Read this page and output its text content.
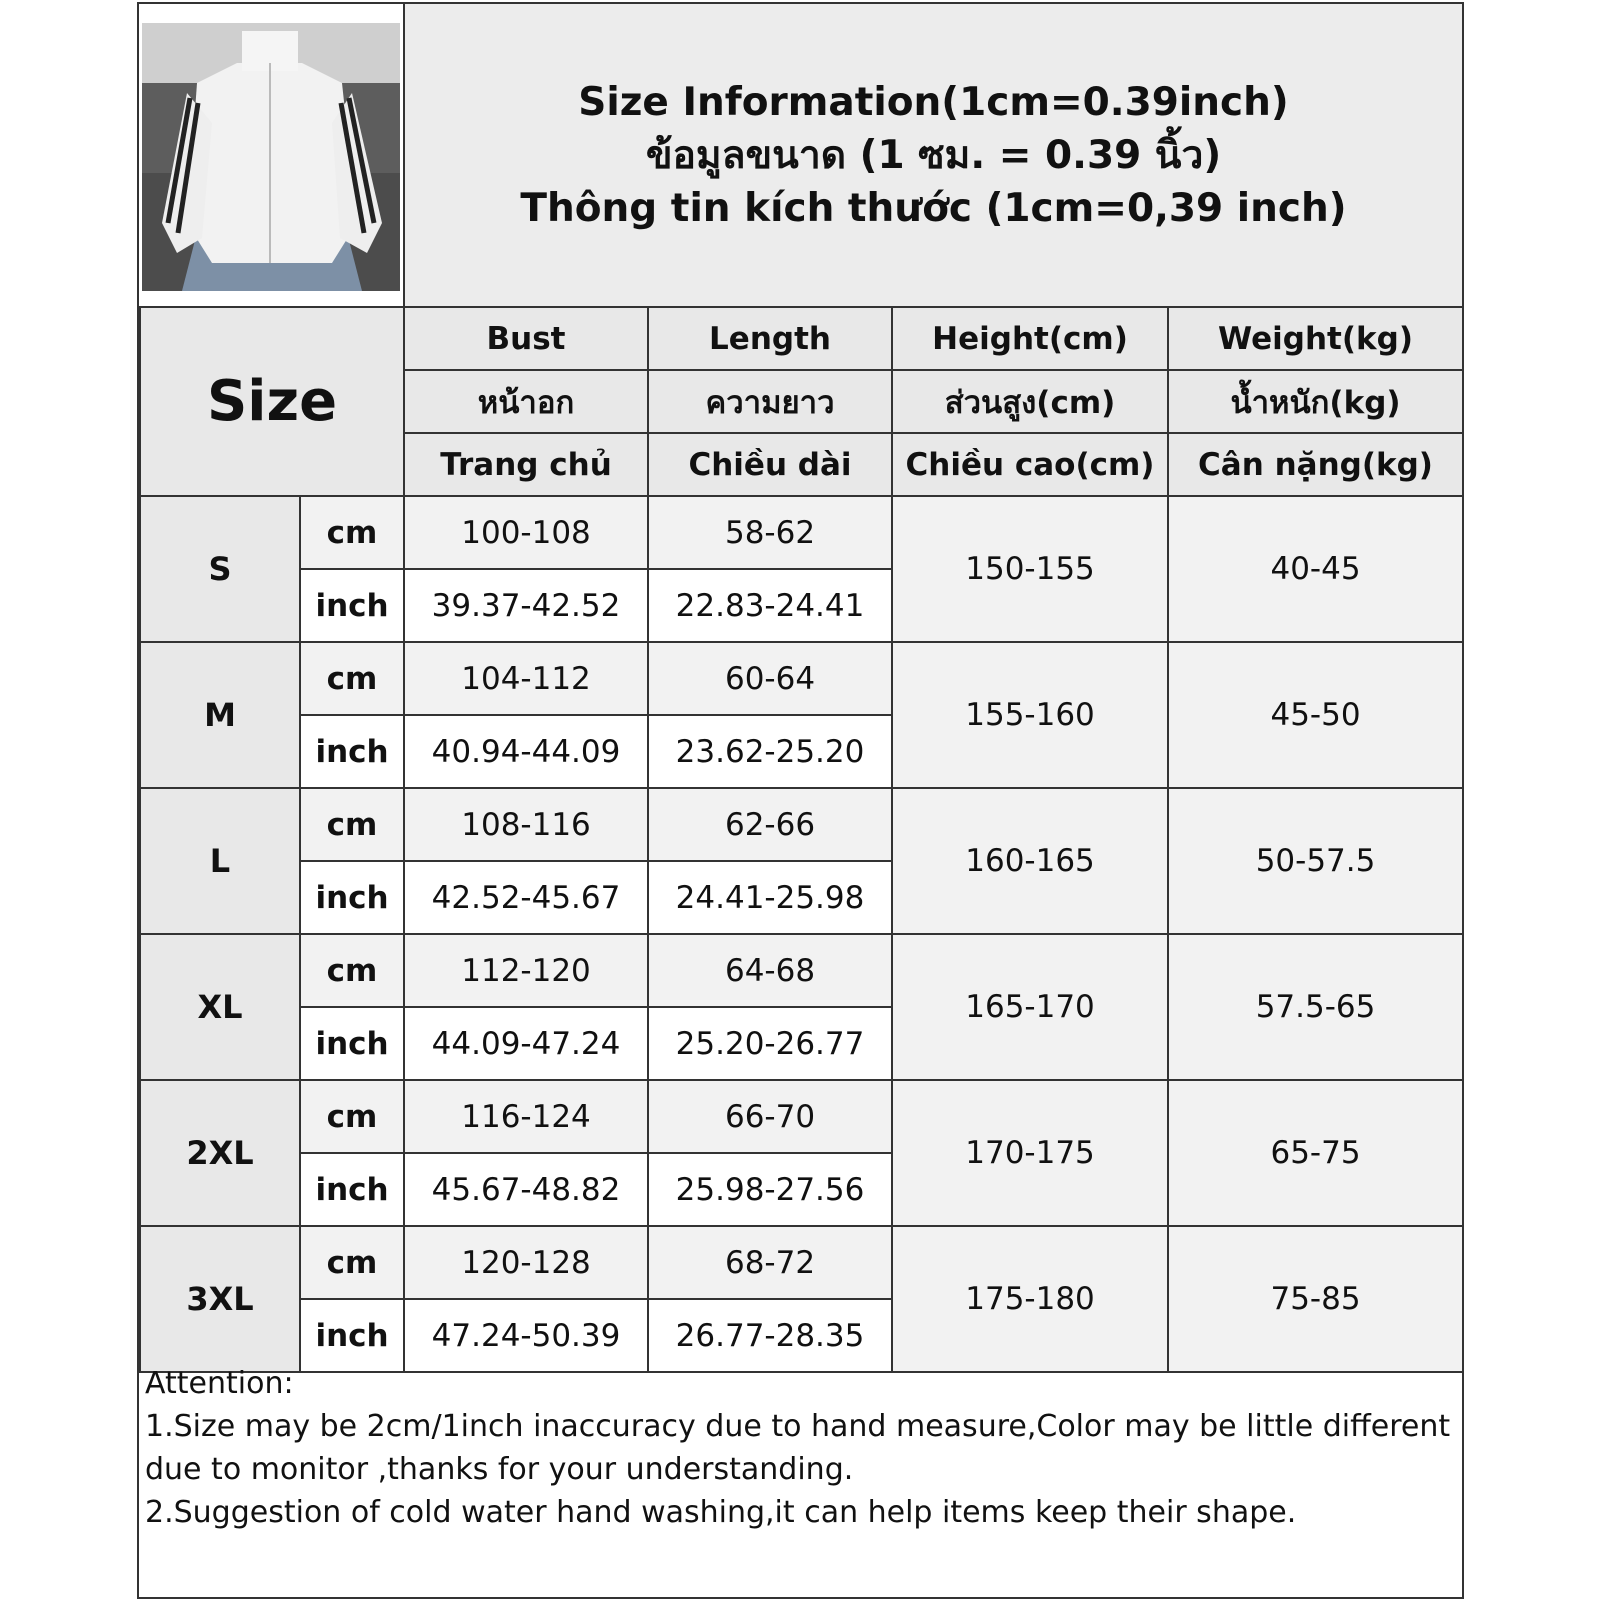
Size Information(1cm=0.39inch)
ข้อมูลขนาด (1 ซม. = 0.39 นิ้ว)
Thông tin kích thước (1cm=0,39 inch)
Size		Bust	Length	Height(cm)	Weight(kg)
		หน้าอก	ความยาว	ส่วนสูง(cm)	น้ำหนัก(kg)
		Trang chủ	Chiều dài	Chiều cao(cm)	Cân nặng(kg)
S	cm	100-108	58-62	150-155	40-45
	inch	39.37-42.52	22.83-24.41		
M	cm	104-112	60-64	155-160	45-50
	inch	40.94-44.09	23.62-25.20		
L	cm	108-116	62-66	160-165	50-57.5
	inch	42.52-45.67	24.41-25.98		
XL	cm	112-120	64-68	165-170	57.5-65
	inch	44.09-47.24	25.20-26.77		
2XL	cm	116-124	66-70	170-175	65-75
	inch	45.67-48.82	25.98-27.56		
3XL	cm	120-128	68-72	175-180	75-85
	inch	47.24-50.39	26.77-28.35		
Attention:
1.Size may be 2cm/1inch inaccuracy due to hand measure,Color may be little different
due to monitor ,thanks for your understanding.
2.Suggestion of cold water hand washing,it can help items keep their shape.
